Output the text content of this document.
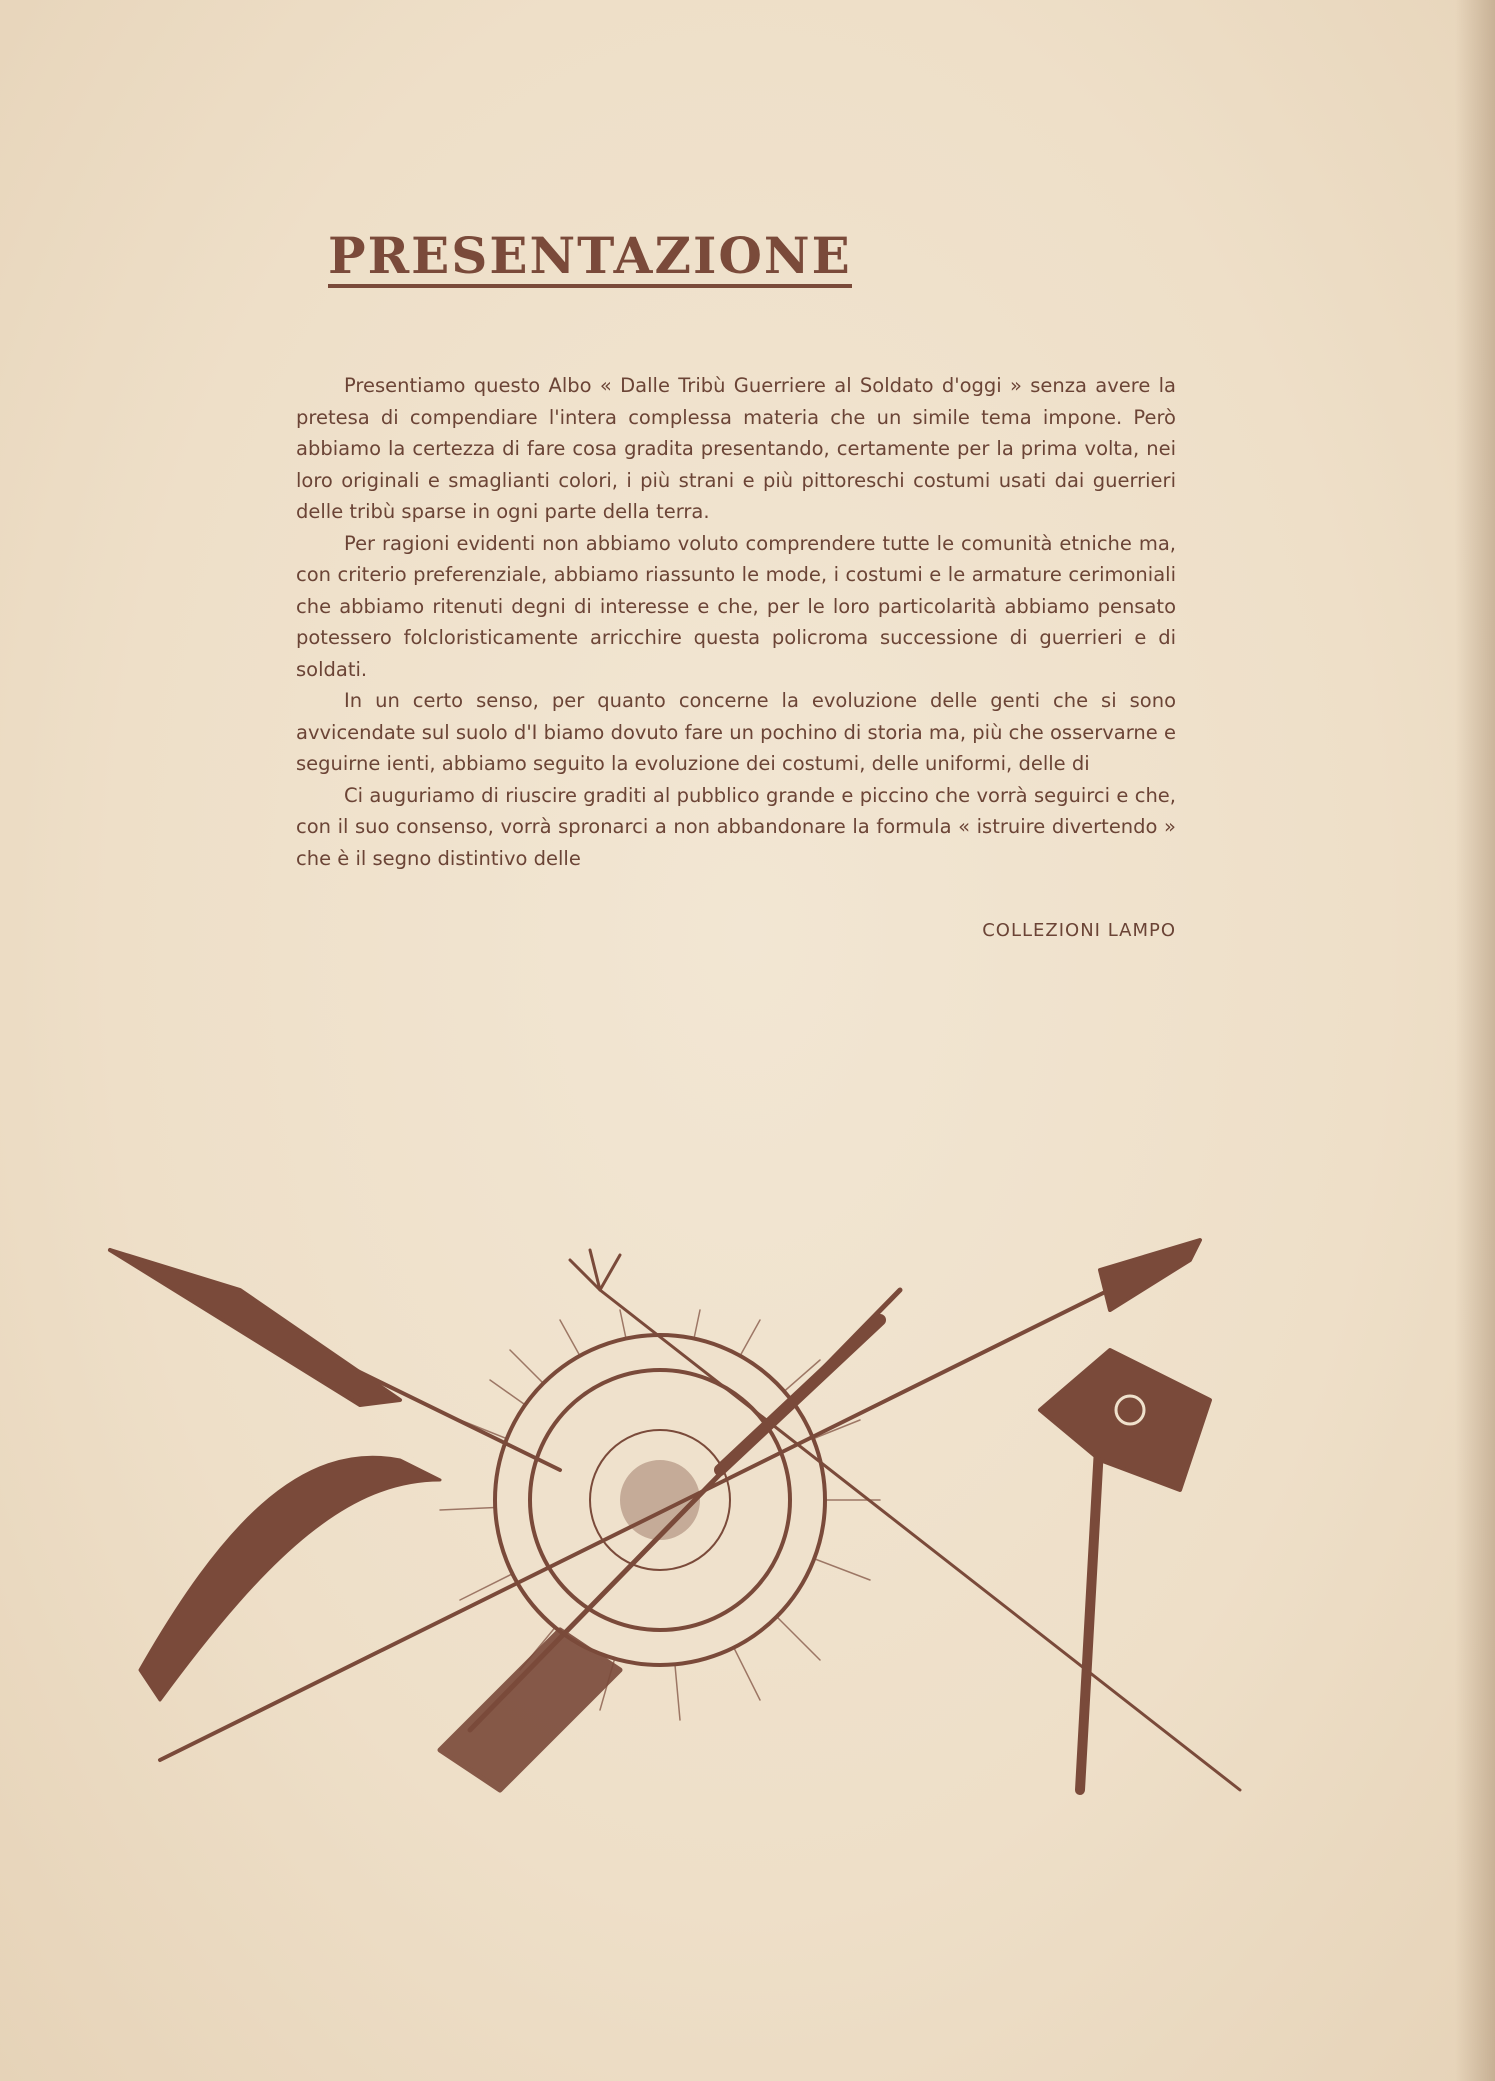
PRESENTAZIONE

Presentiamo questo Albo « Dalle Tribù Guerriere al Soldato d'oggi » senza avere la pretesa di compendiare l'intera complessa materia che un simile tema impone. Però abbiamo la certezza di fare cosa gradita presentando, certamente per la prima volta, nei loro originali e smaglianti colori, i più strani e più pittoreschi costumi usati dai guerrieri delle tribù sparse in ogni parte della terra.

Per ragioni evidenti non abbiamo voluto comprendere tutte le comunità etniche ma, con criterio preferenziale, abbiamo riassunto le mode, i costumi e le armature cerimoniali che abbiamo ritenuti degni di interesse e che, per le loro particolarità abbiamo pensato potessero folcloristicamente arricchire questa policroma successione di guerrieri e di soldati.

In un certo senso, per quanto concerne la evoluzione delle genti che si sono avvicendate sul suolo d'I biamo dovuto fare un pochino di storia ma, più che osservarne e seguirne ienti, abbiamo seguito la evoluzione dei costumi, delle uniformi, delle di

Ci auguriamo di riuscire graditi al pubblico grande e piccino che vorrà seguirci e che, con il suo consenso, vorrà spronarci a non abbandonare la formula « istruire divertendo » che è il segno distintivo delle

COLLEZIONI LAMPO
